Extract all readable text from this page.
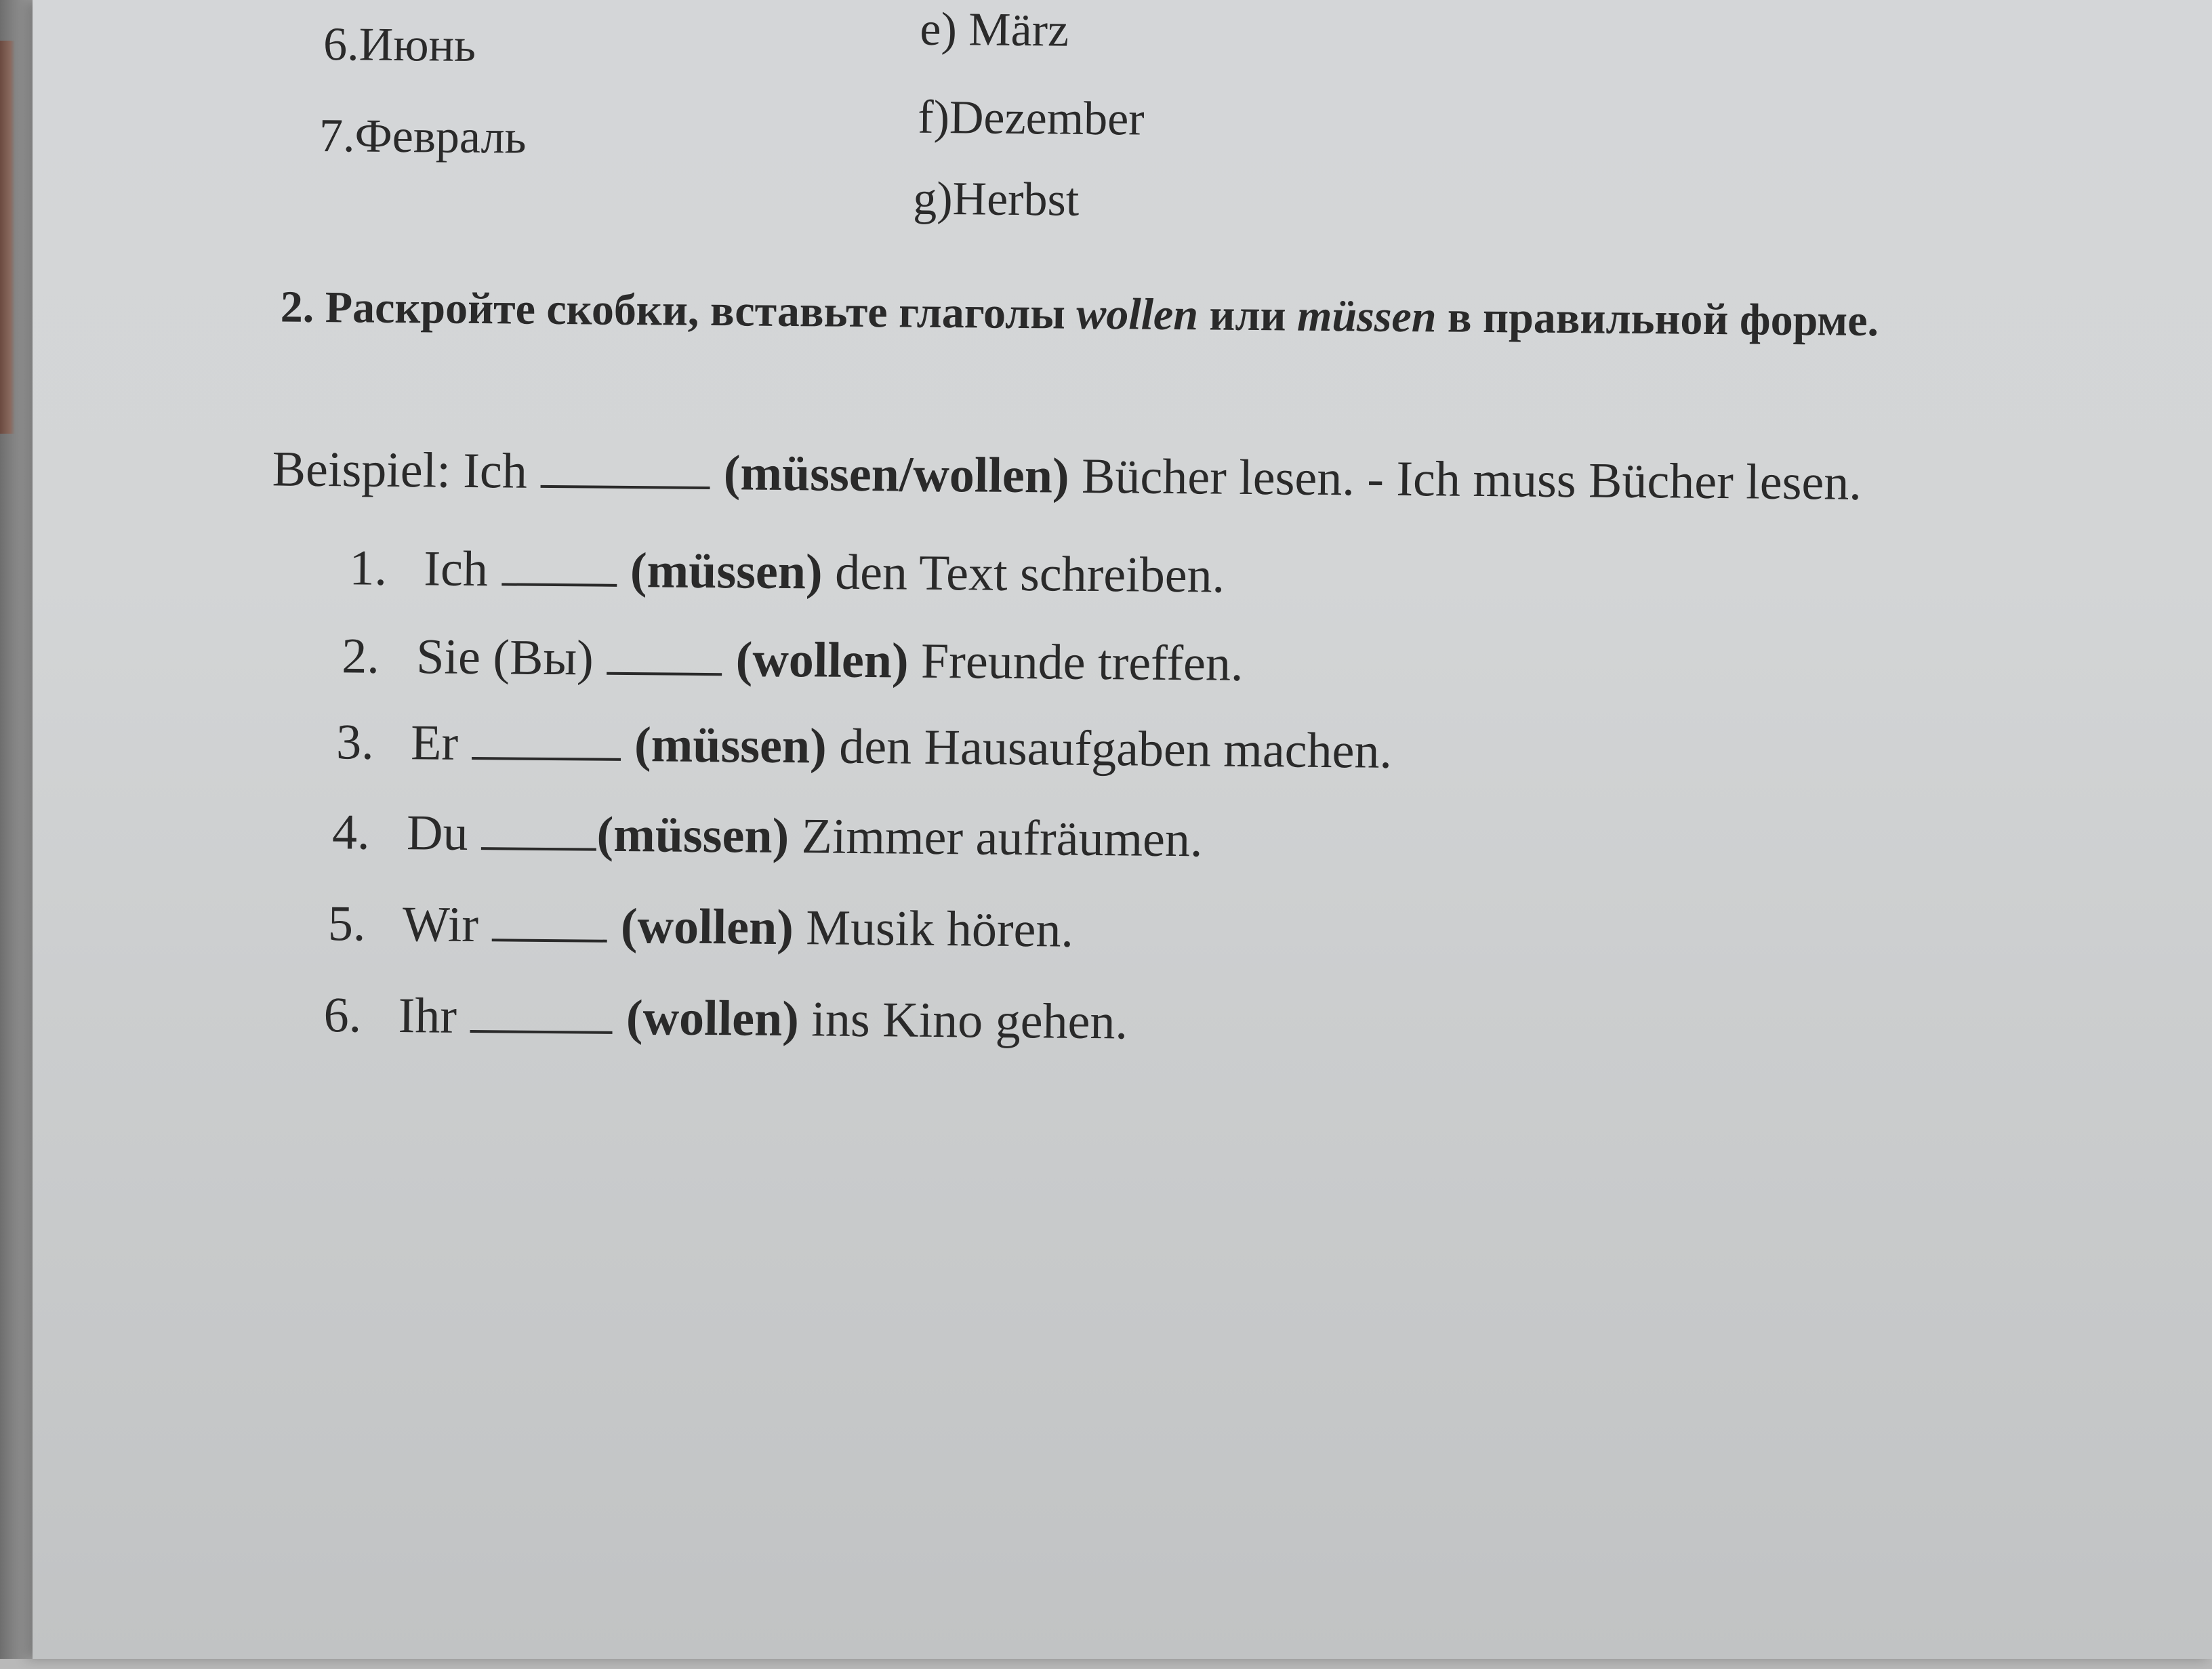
6.Июнь
7.Февраль
e) März
f)Dezember
g)Herbst
2. Раскройте скобки, вставьте глаголы wollen или müssen в правильной форме.
Beispiel: Ich	(müssen/wollen) Bücher lesen. - Ich muss Bücher lesen.
1. Ich	(müssen) den Text schreiben.
2. Sie (Вы)	(wollen) Freunde treffen.
3. Er	(müssen) den Hausaufgaben machen.
4. Du	(müssen) Zimmer aufräumen.
5. Wir	(wollen) Musik hören.
6. Ihr	(wollen) ins Kino gehen.
